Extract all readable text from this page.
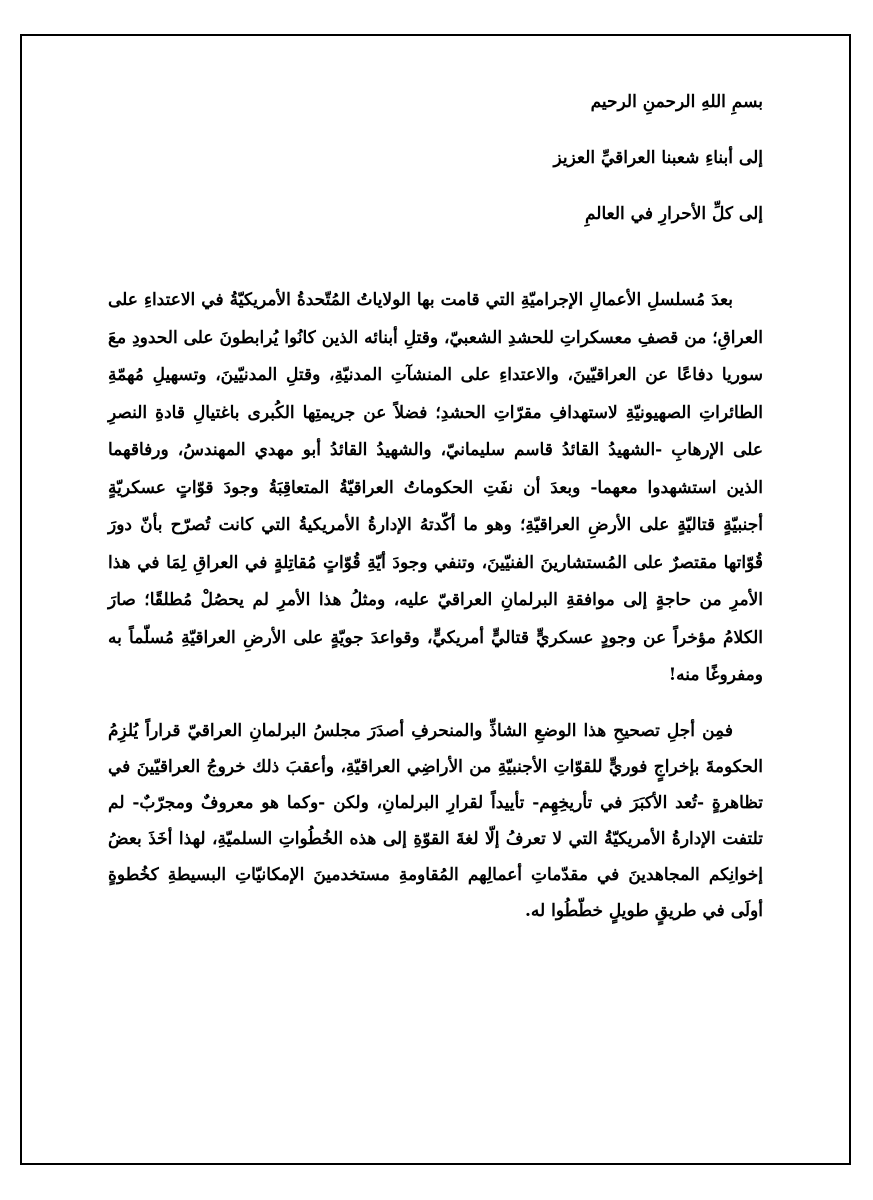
بسمِ اللهِ الرحمنِ الرحيم

إلى أبناءِ شعبنا العراقيِّ العزيز

إلى كلِّ الأحرارِ في العالمِ

بعدَ مُسلسلِ الأعمالِ الإجراميّةِ التي قامت بها الولاياتُ المُتّحدةُ الأمريكيّةُ في الاعتداءِ على العراقِ؛ من قصفِ معسكراتِ للحشدِ الشعبيّ، وقتلِ أبنائه الذين كانُوا يُرابطونَ على الحدودِ معَ سوريا دفاعًا عن العراقيّينَ، والاعتداءِ على المنشآتِ المدنيّةِ، وقتلِ المدنيّينَ، وتسهيلِ مُهمّةِ الطائراتِ الصهيونيّةِ لاستهدافِ مقرّاتِ الحشدِ؛ فضلاً عن جريمتِها الكُبرى باغتيالِ قادةِ النصرِ على الإرهابِ -الشهيدُ القائدُ قاسم سليمانيّ، والشهيدُ القائدُ أبو مهدي المهندسُ، ورفاقهما الذين استشهدوا معهما- وبعدَ أن نفَتِ الحكوماتُ العراقيّةُ المتعاقِبَةُ وجودَ قوّاتٍ عسكريّةٍ أجنبيّةٍ قتاليّةٍ على الأرضِ العراقيّةِ؛ وهو ما أكّدتهُ الإدارةُ الأمريكيةُ التي كانت تُصرّح بأنّ دورَ قُوّاتها مقتصرٌ على المُستشارينَ الفنيّينَ، وتنفي وجودَ أيّةِ قُوّاتٍ مُقاتِلةٍ في العراقِ لِمَا في هذا الأمرِ من حاجةٍ إلى موافقةِ البرلمانِ العراقيّ عليه، ومثلُ هذا الأمرِ لم يحصُلْ مُطلقًا؛ صارَ الكلامُ مؤخراً عن وجودٍ عسكريٍّ قتاليٍّ أمريكيٍّ، وقواعدَ جويّةٍ على الأرضِ العراقيّةِ مُسلّماً به ومفروغًا منه!

فمِن أجلِ تصحيحِ هذا الوضعِ الشاذِّ والمنحرفِ أصدَرَ مجلسُ البرلمانِ العراقيّ قراراً يُلزِمُ الحكومةَ بإخراجٍ فوريٍّ للقوّاتِ الأجنبيّةِ من الأراضِي العراقيّةِ، وأعقبَ ذلك خروجُ العراقيّينَ في تظاهرةٍ -تُعد الأكبَرَ في تأريخِهِم- تأييداً لقرارِ البرلمانِ، ولكن -وكما هو معروفٌ ومجرّبٌ- لم تلتفت الإدارةُ الأمريكيّةُ التي لا تعرفُ إلّا لغةَ القوّةِ إلى هذه الخُطُواتِ السلميّةِ، لهذا أخَذَ بعضُ إخوانِكم المجاهدينَ في مقدّماتِ أعمالِهم المُقاومةِ مستخدمينَ الإمكانيّاتِ البسيطةِ كخُطوةٍ أولَى في طريقٍ طويلٍ خطّطُوا له.
